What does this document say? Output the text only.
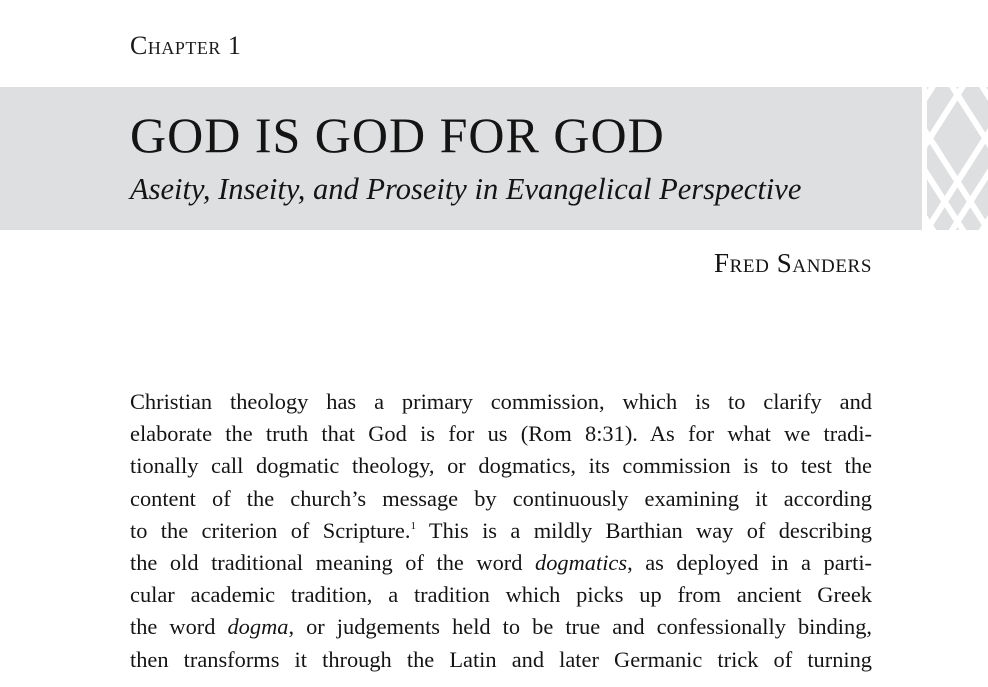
Chapter 1
GOD IS GOD FOR GOD
Aseity, Inseity, and Proseity in Evangelical Perspective
Fred Sanders
Christian theology has a primary commission, which is to clarify and
elaborate the truth that God is for us (Rom 8:31). As for what we tradi-
tionally call dogmatic theology, or dogmatics, its commission is to test the
content of the church’s message by continuously examining it according
to the criterion of Scripture.$^1$ This is a mildly Barthian way of describing
the old traditional meaning of the word dogmatics, as deployed in a parti-
cular academic tradition, a tradition which picks up from ancient Greek
the word dogma, or judgements held to be true and confessionally binding,
then transforms it through the Latin and later Germanic trick of turning
